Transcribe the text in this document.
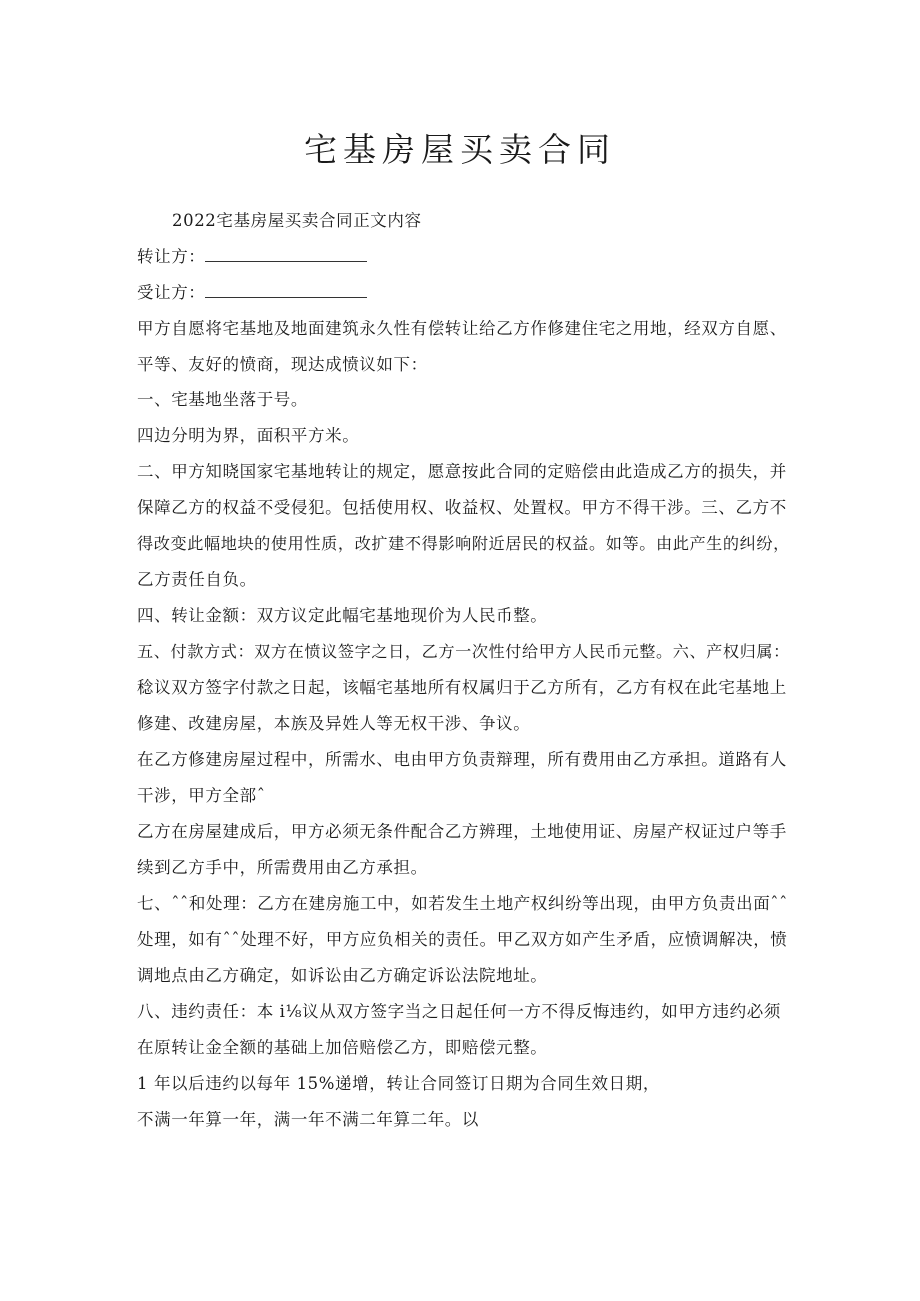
宅基房屋买卖合同
2022宅基房屋买卖合同正文内容
转让方：
受让方：
甲方自愿将宅基地及地面建筑永久性有偿转让给乙方作修建住宅之用地，经双方自愿、
平等、友好的愤商，现达成愤议如下：
一、宅基地坐落于号。
四边分明为界，面积平方米。
二、甲方知晓国家宅基地转让的规定，愿意按此合同的定赔偿由此造成乙方的损失，并
保障乙方的权益不受侵犯。包括使用权、收益权、处置权。甲方不得干涉。三、乙方不
得改变此幅地块的使用性质，改扩建不得影响附近居民的权益。如等。由此产生的纠纷，
乙方责任自负。
四、转让金额：双方议定此幅宅基地现价为人民币整。
五、付款方式：双方在愤议签字之日，乙方一次性付给甲方人民币元整。六、产权归属：
稔议双方签字付款之日起，该幅宅基地所有权属归于乙方所有，乙方有权在此宅基地上
修建、改建房屋，本族及异姓人等无权干涉、争议。
在乙方修建房屋过程中，所需水、电由甲方负责辩理，所有费用由乙方承担。道路有人
干涉，甲方全部ˆ
乙方在房屋建成后，甲方必须无条件配合乙方辨理，土地使用证、房屋产权证过户等手
续到乙方手中，所需费用由乙方承担。
七、ˆˆ和处理：乙方在建房施工中，如若发生土地产权纠纷等出现，由甲方负责出面ˆˆ
处理，如有ˆˆ处理不好，甲方应负相关的责任。甲乙双方如产生矛盾，应愤调解决，愤
调地点由乙方确定，如诉讼由乙方确定诉讼法院地址。
八、违约责任：本 i⅛议从双方签字当之日起任何一方不得反悔违约，如甲方违约必须
在原转让金全额的基础上加倍赔偿乙方，即赔偿元整。
1 年以后违约以每年 15%递增，转让合同签订日期为合同生效日期，
不满一年算一年，满一年不满二年算二年。以
